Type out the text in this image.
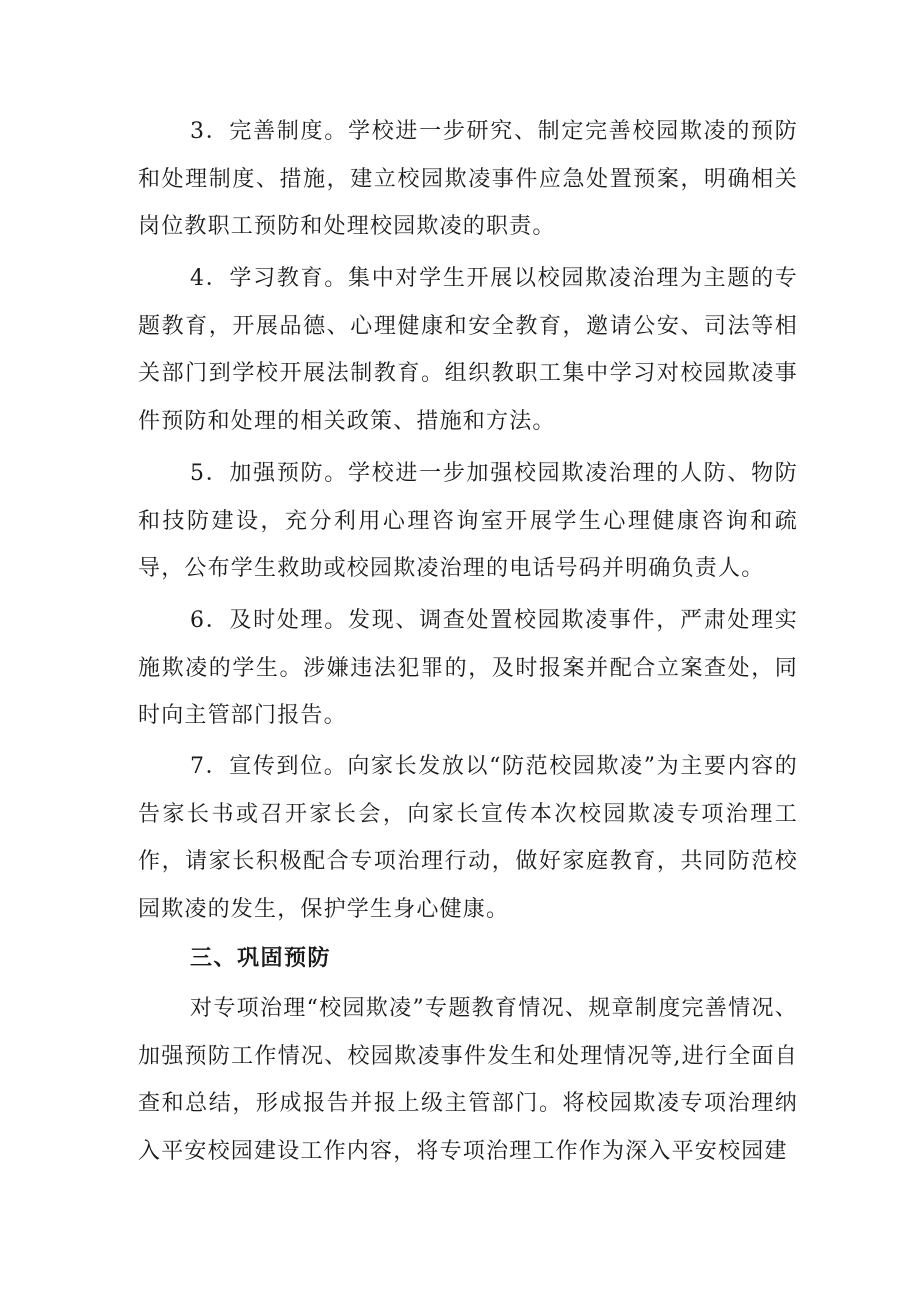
3．完善制度。学校进一步研究、制定完善校园欺凌的预防和处理制度、措施，建立校园欺凌事件应急处置预案，明确相关岗位教职工预防和处理校园欺凌的职责。

4．学习教育。集中对学生开展以校园欺凌治理为主题的专题教育，开展品德、心理健康和安全教育，邀请公安、司法等相关部门到学校开展法制教育。组织教职工集中学习对校园欺凌事件预防和处理的相关政策、措施和方法。

5．加强预防。学校进一步加强校园欺凌治理的人防、物防和技防建设，充分利用心理咨询室开展学生心理健康咨询和疏导，公布学生救助或校园欺凌治理的电话号码并明确负责人。

6．及时处理。发现、调查处置校园欺凌事件，严肃处理实施欺凌的学生。涉嫌违法犯罪的，及时报案并配合立案查处，同时向主管部门报告。

7．宣传到位。向家长发放以“防范校园欺凌”为主要内容的告家长书或召开家长会，向家长宣传本次校园欺凌专项治理工作，请家长积极配合专项治理行动，做好家庭教育，共同防范校园欺凌的发生，保护学生身心健康。

三、巩固预防

对专项治理“校园欺凌”专题教育情况、规章制度完善情况、加强预防工作情况、校园欺凌事件发生和处理情况等,进行全面自查和总结，形成报告并报上级主管部门。将校园欺凌专项治理纳入平安校园建设工作内容，将专项治理工作作为深入平安校园建
